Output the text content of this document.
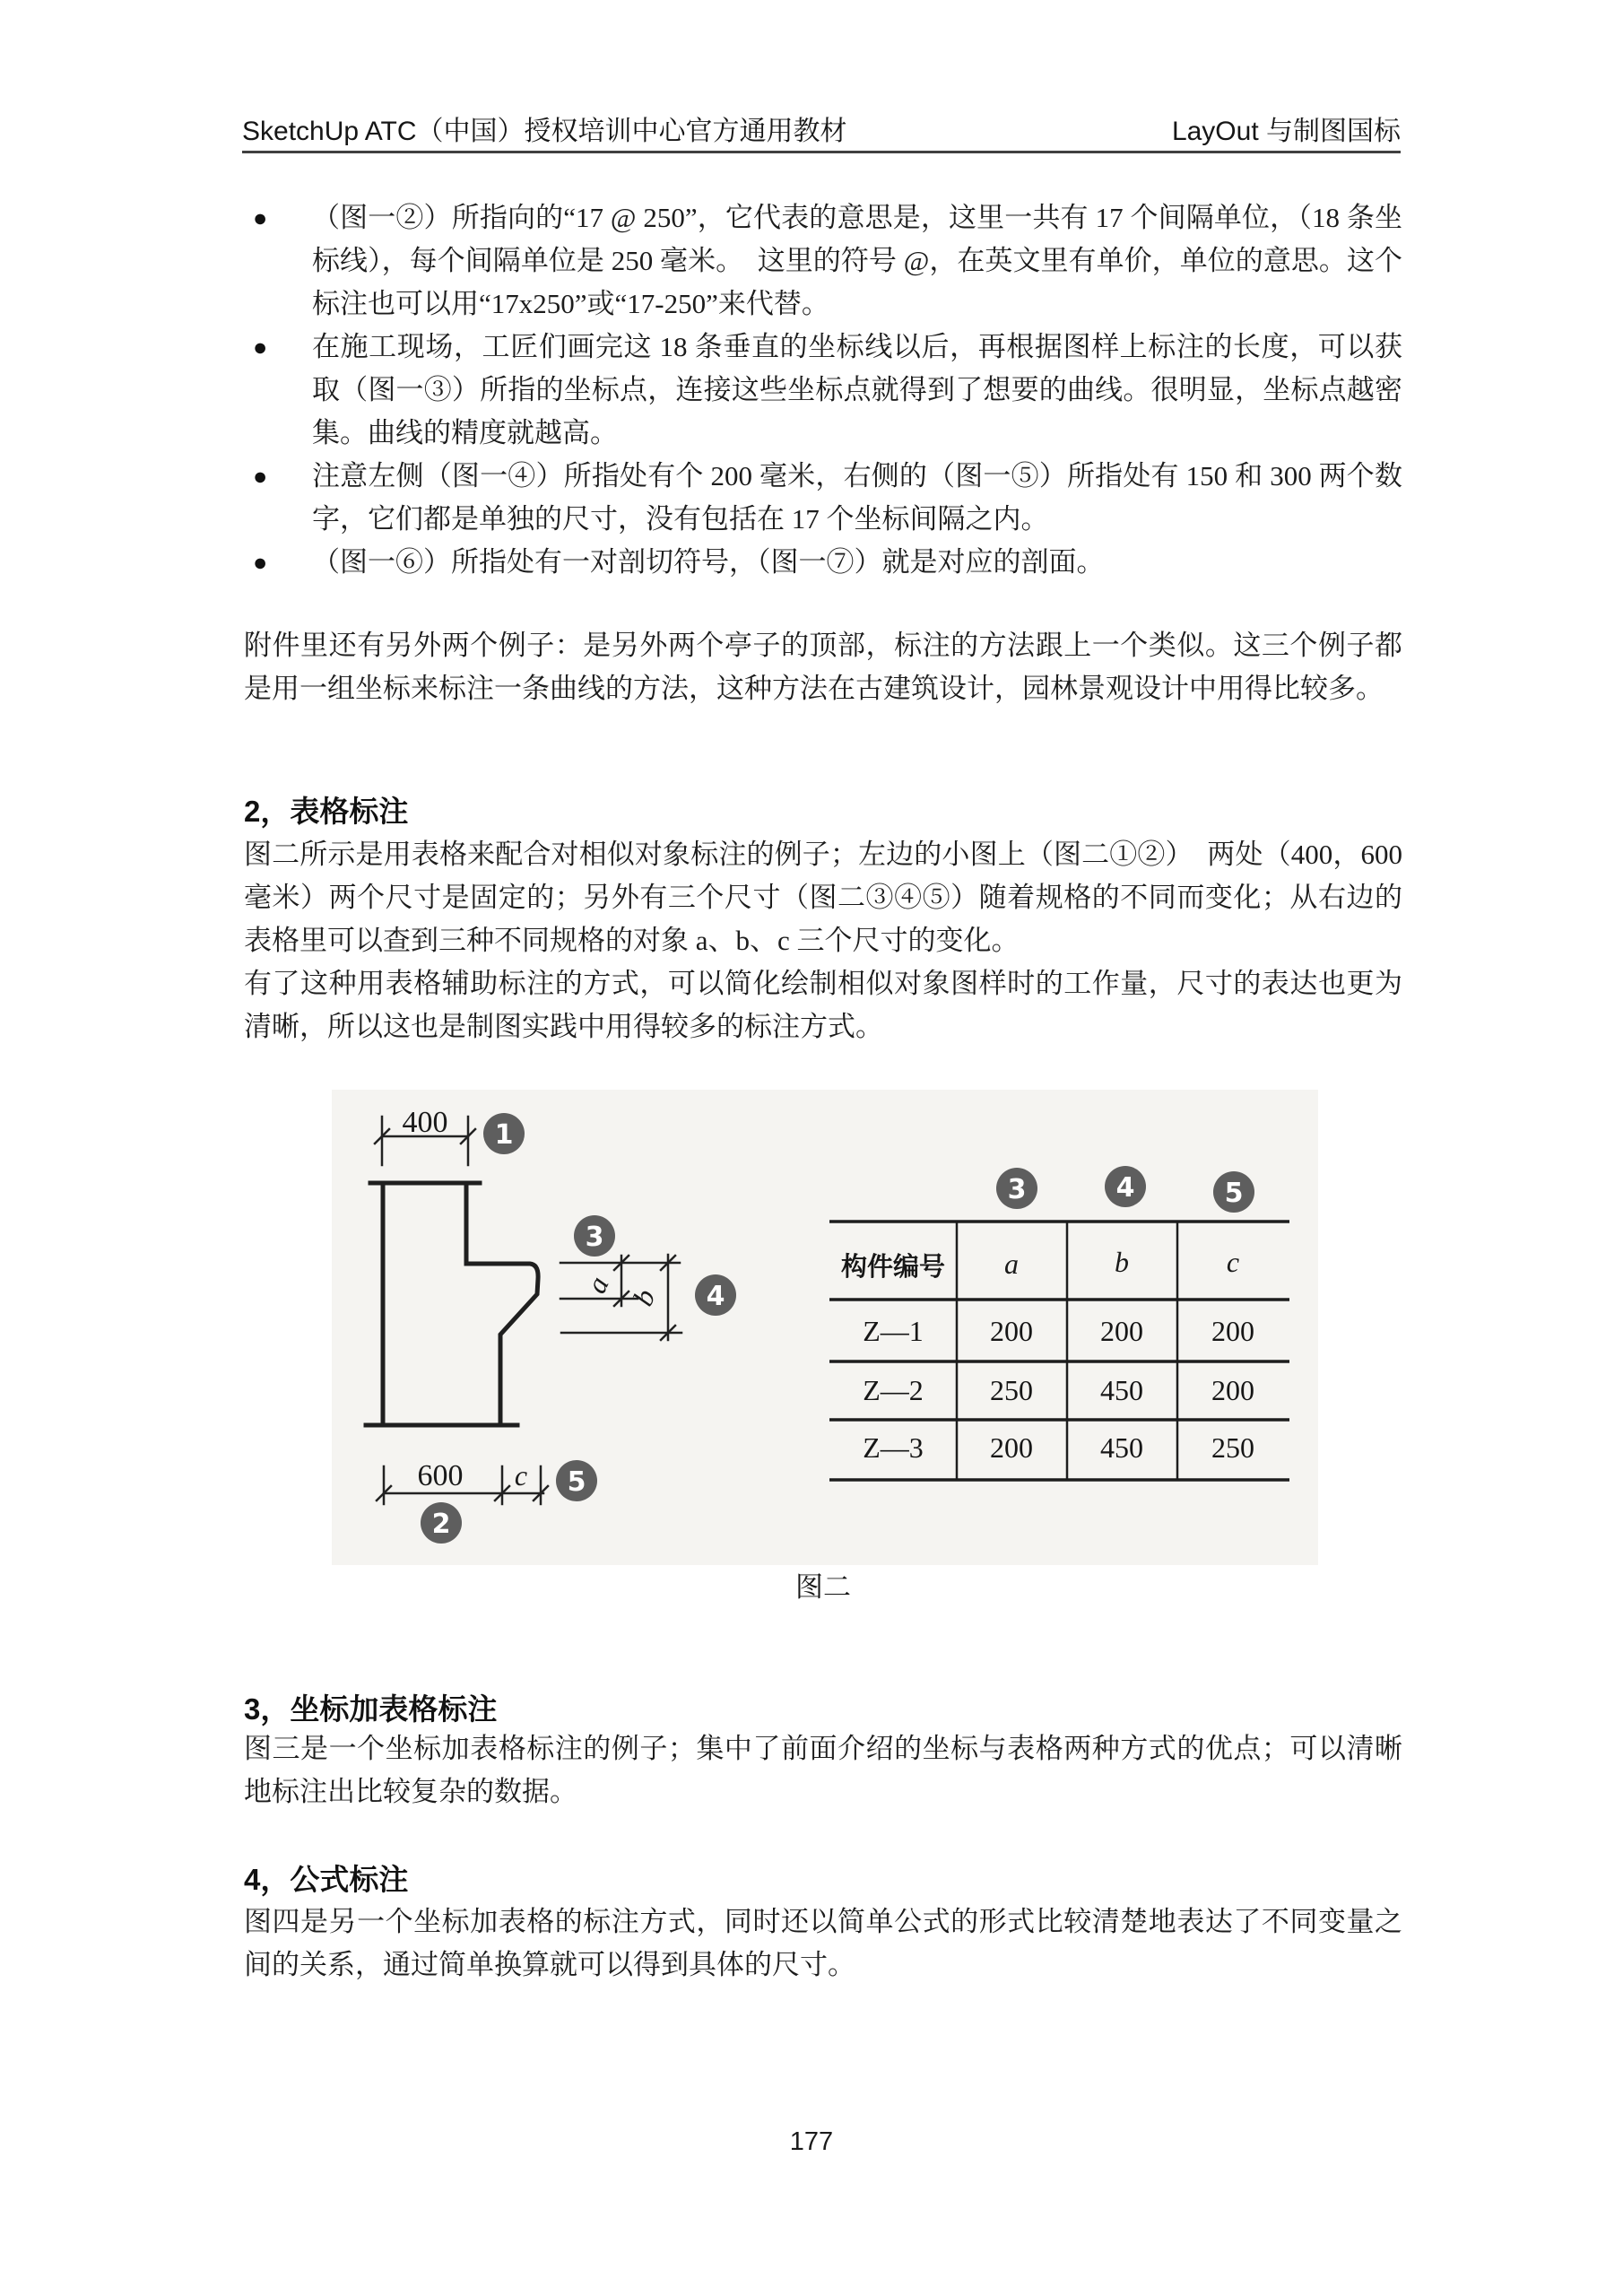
SketchUp ATC（中国）授权培训中心官方通用教材	LayOut 与制图国标
● （图一②）所指向的“17 @ 250”，它代表的意思是，这里一共有 17 个间隔单位，（18 条坐标线），每个间隔单位是 250 毫米。　这里的符号 @，在英文里有单价，单位的意思。这个标注也可以用“17x250”或“17-250”来代替。
● 在施工现场，工匠们画完这 18 条垂直的坐标线以后，再根据图样上标注的长度，可以获取（图一③）所指的坐标点，连接这些坐标点就得到了想要的曲线。很明显，坐标点越密集。曲线的精度就越高。
● 注意左侧（图一④）所指处有个 200 毫米，右侧的（图一⑤）所指处有 150 和 300 两个数字，它们都是单独的尺寸，没有包括在 17 个坐标间隔之内。
● （图一⑥）所指处有一对剖切符号，（图一⑦）就是对应的剖面。

附件里还有另外两个例子：是另外两个亭子的顶部，标注的方法跟上一个类似。这三个例子都是用一组坐标来标注一条曲线的方法，这种方法在古建筑设计，园林景观设计中用得比较多。

2，表格标注

图二所示是用表格来配合对相似对象标注的例子；左边的小图上（图二①②）　两处（400，600 毫米）两个尺寸是固定的；另外有三个尺寸（图二③④⑤）随着规格的不同而变化；从右边的表格里可以查到三种不同规格的对象 a、b、c 三个尺寸的变化。

有了这种用表格辅助标注的方式，可以简化绘制相似对象图样时的工作量，尺寸的表达也更为清晰，所以这也是制图实践中用得较多的标注方式。

400
600 c
a b
1
2
3
4
5
3	4	5
构件编号 a	b	c
Z—1 200 200 200
Z—2 250 450 200
Z—3 200 450 250
图二
3，坐标加表格标注

图三是一个坐标加表格标注的例子；集中了前面介绍的坐标与表格两种方式的优点；可以清晰地标注出比较复杂的数据。

4，公式标注

图四是另一个坐标加表格的标注方式，同时还以简单公式的形式比较清楚地表达了不同变量之间的关系，通过简单换算就可以得到具体的尺寸。

177
